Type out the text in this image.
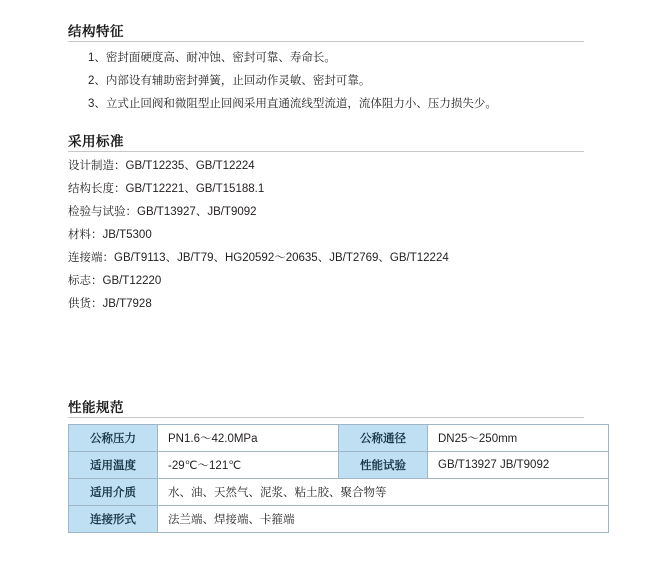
结构特征
1、密封面硬度高、耐冲蚀、密封可靠、寿命长。
2、内部设有辅助密封弹簧，止回动作灵敏、密封可靠。
3、立式止回阀和微阻型止回阀采用直通流线型流道，流体阻力小、压力损失少。
采用标准
设计制造：GB/T12235、GB/T12224
结构长度：GB/T12221、GB/T15188.1
检验与试验：GB/T13927、JB/T9092
材料：JB/T5300
连接端：GB/T9113、JB/T79、HG20592～20635、JB/T2769、GB/T12224
标志：GB/T12220
供货：JB/T7928
性能规范
公称压力	PN1.6～42.0MPa	公称通径	DN25～250mm
适用温度	-29℃～121℃	性能试验	GB/T13927 JB/T9092
适用介质	水、油、天然气、泥浆、粘土胶、聚合物等		
连接形式	法兰端、焊接端、卡箍端		
